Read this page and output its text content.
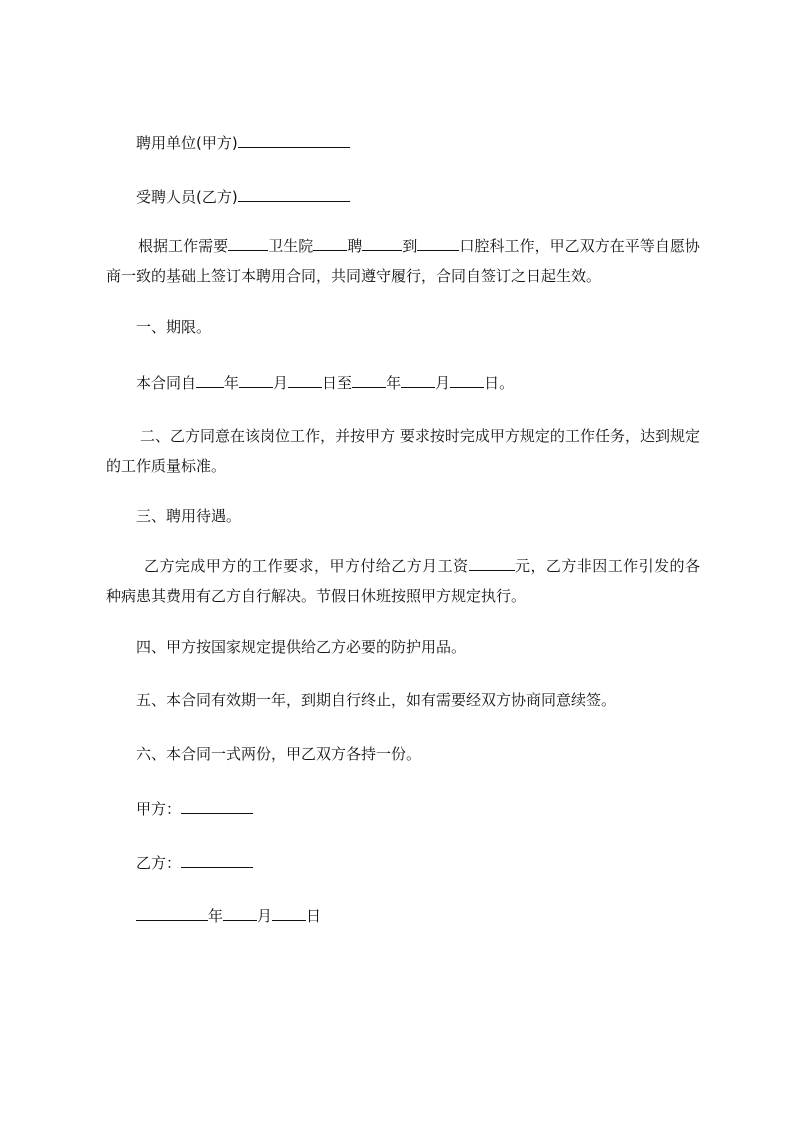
聘用单位(甲方)

受聘人员(乙方)

根据工作需要	卫生院 聘	到	口腔科工作，甲乙双方在平等自愿协商一致的基础上签订本聘用合同，共同遵守履行，合同自签订之日起生效。

一、期限。

本合同自 年 月 日至 年 月 日。

二、乙方同意在该岗位工作，并按甲方 要求按时完成甲方规定的工作任务，达到规定的工作质量标准。

三、聘用待遇。

乙方完成甲方的工作要求，甲方付给乙方月工资	元，乙方非因工作引发的各种病患其费用有乙方自行解决。节假日休班按照甲方规定执行。

四、甲方按国家规定提供给乙方必要的防护用品。

五、本合同有效期一年，到期自行终止，如有需要经双方协商同意续签。

六、本合同一式两份，甲乙双方各持一份。

甲方：

乙方：

年 月 日
